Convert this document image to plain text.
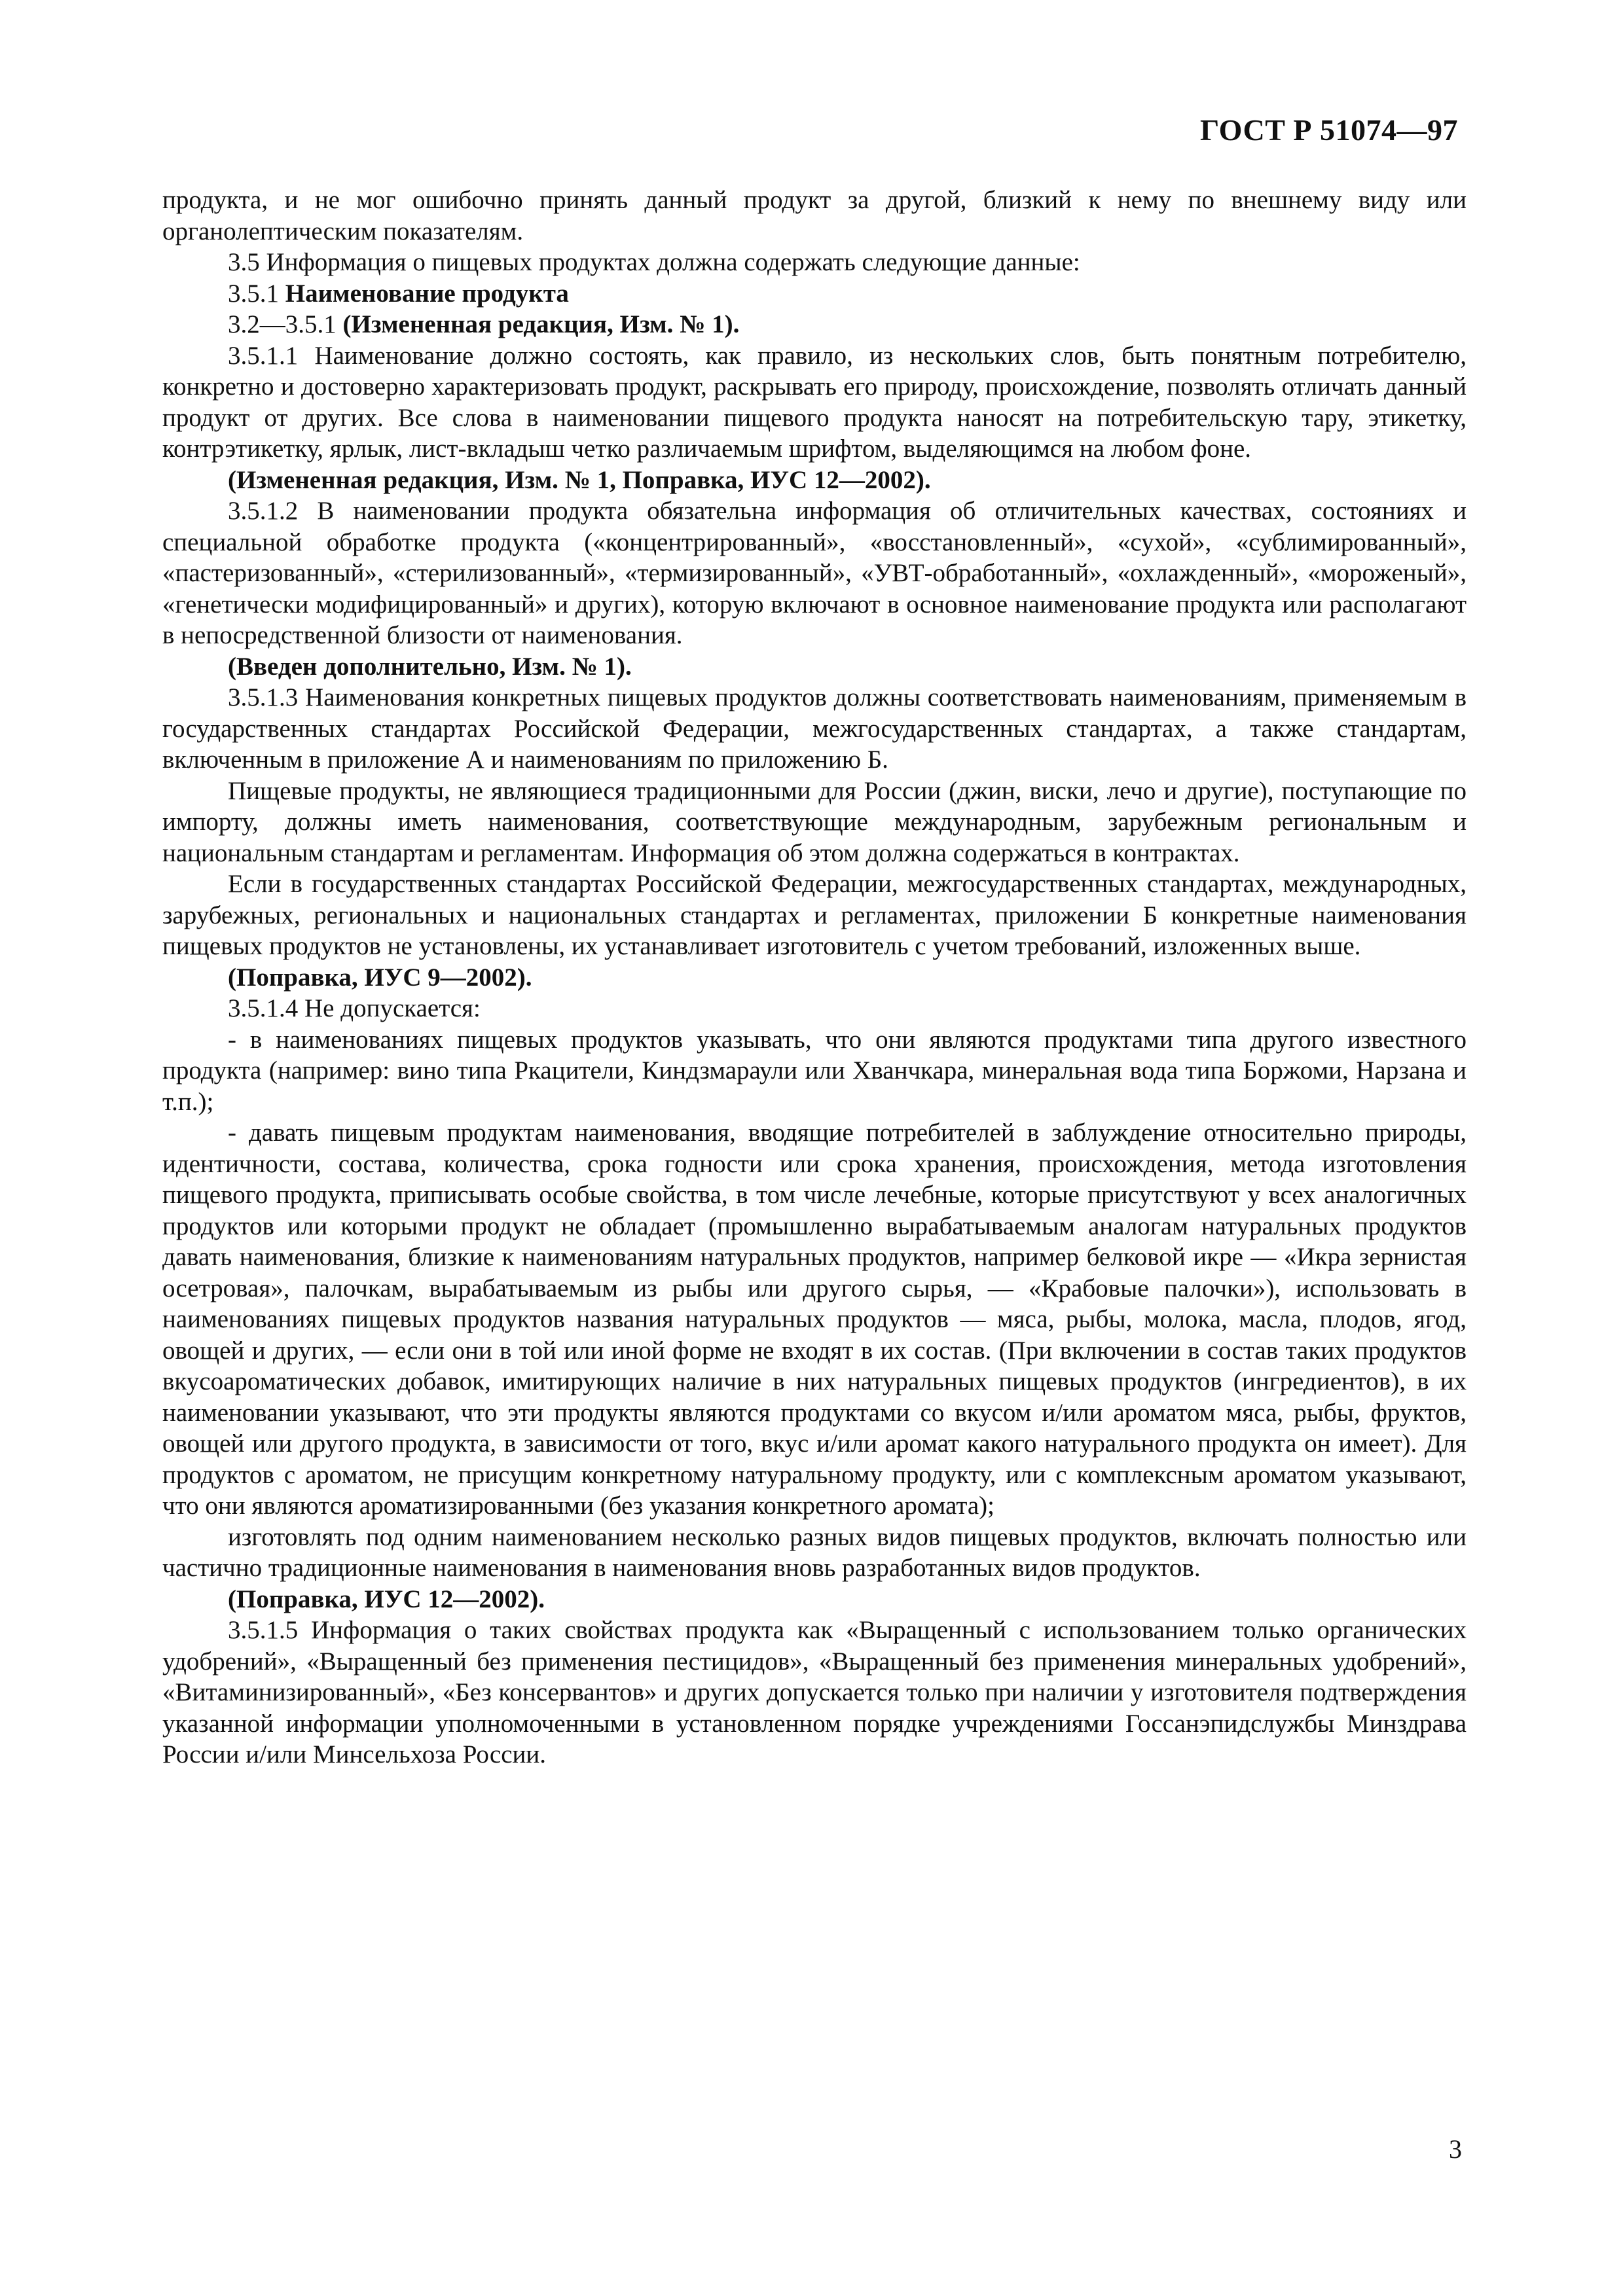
ГОСТ Р 51074—97

продукта, и не мог ошибочно принять данный продукт за другой, близкий к нему по внешнему виду или органолептическим показателям.

3.5 Информация о пищевых продуктах должна содержать следующие данные:

3.5.1 Наименование продукта

3.2—3.5.1 (Измененная редакция, Изм. № 1).

3.5.1.1 Наименование должно состоять, как правило, из нескольких слов, быть понятным потребителю, конкретно и достоверно характеризовать продукт, раскрывать его природу, происхождение, позволять отличать данный продукт от других. Все слова в наименовании пищевого продукта наносят на потребительскую тару, этикетку, контрэтикетку, ярлык, лист-вкладыш четко различаемым шрифтом, выделяющимся на любом фоне.

(Измененная редакция, Изм. № 1, Поправка, ИУС 12—2002).

3.5.1.2 В наименовании продукта обязательна информация об отличительных качествах, состояниях и специальной обработке продукта («концентрированный», «восстановленный», «сухой», «сублимированный», «пастеризованный», «стерилизованный», «термизированный», «УВТ-обработанный», «охлажденный», «мороженый», «генетически модифицированный» и других), которую включают в основное наименование продукта или располагают в непосредственной близости от наименования.

(Введен дополнительно, Изм. № 1).

3.5.1.3 Наименования конкретных пищевых продуктов должны соответствовать наименованиям, применяемым в государственных стандартах Российской Федерации, межгосударственных стандартах, а также стандартам, включенным в приложение А и наименованиям по приложению Б.

Пищевые продукты, не являющиеся традиционными для России (джин, виски, лечо и другие), поступающие по импорту, должны иметь наименования, соответствующие международным, зарубежным региональным и национальным стандартам и регламентам. Информация об этом должна содержаться в контрактах.

Если в государственных стандартах Российской Федерации, межгосударственных стандартах, международных, зарубежных, региональных и национальных стандартах и регламентах, приложении Б конкретные наименования пищевых продуктов не установлены, их устанавливает изготовитель с учетом требований, изложенных выше.

(Поправка, ИУС 9—2002).

3.5.1.4 Не допускается:

- в наименованиях пищевых продуктов указывать, что они являются продуктами типа другого известного продукта (например: вино типа Ркацители, Киндзмараули или Хванчкара, минеральная вода типа Боржоми, Нарзана и т.п.);

- давать пищевым продуктам наименования, вводящие потребителей в заблуждение относительно природы, идентичности, состава, количества, срока годности или срока хранения, происхождения, метода изготовления пищевого продукта, приписывать особые свойства, в том числе лечебные, которые присутствуют у всех аналогичных продуктов или которыми продукт не обладает (промышленно вырабатываемым аналогам натуральных продуктов давать наименования, близкие к наименованиям натуральных продуктов, например белковой икре — «Икра зернистая осетровая», палочкам, вырабатываемым из рыбы или другого сырья, — «Крабовые палочки»), использовать в наименованиях пищевых продуктов названия натуральных продуктов — мяса, рыбы, молока, масла, плодов, ягод, овощей и других, — если они в той или иной форме не входят в их состав. (При включении в состав таких продуктов вкусоароматических добавок, имитирующих наличие в них натуральных пищевых продуктов (ингредиентов), в их наименовании указывают, что эти продукты являются продуктами со вкусом и/или ароматом мяса, рыбы, фруктов, овощей или другого продукта, в зависимости от того, вкус и/или аромат какого натурального продукта он имеет). Для продуктов с ароматом, не присущим конкретному натуральному продукту, или с комплексным ароматом указывают, что они являются ароматизированными (без указания конкретного аромата);

изготовлять под одним наименованием несколько разных видов пищевых продуктов, включать полностью или частично традиционные наименования в наименования вновь разработанных видов продуктов.

(Поправка, ИУС 12—2002).

3.5.1.5 Информация о таких свойствах продукта как «Выращенный с использованием только органических удобрений», «Выращенный без применения пестицидов», «Выращенный без применения минеральных удобрений», «Витаминизированный», «Без консервантов» и других допускается только при наличии у изготовителя подтверждения указанной информации уполномоченными в установленном порядке учреждениями Госсанэпидслужбы Минздрава России и/или Минсельхоза России.

3
